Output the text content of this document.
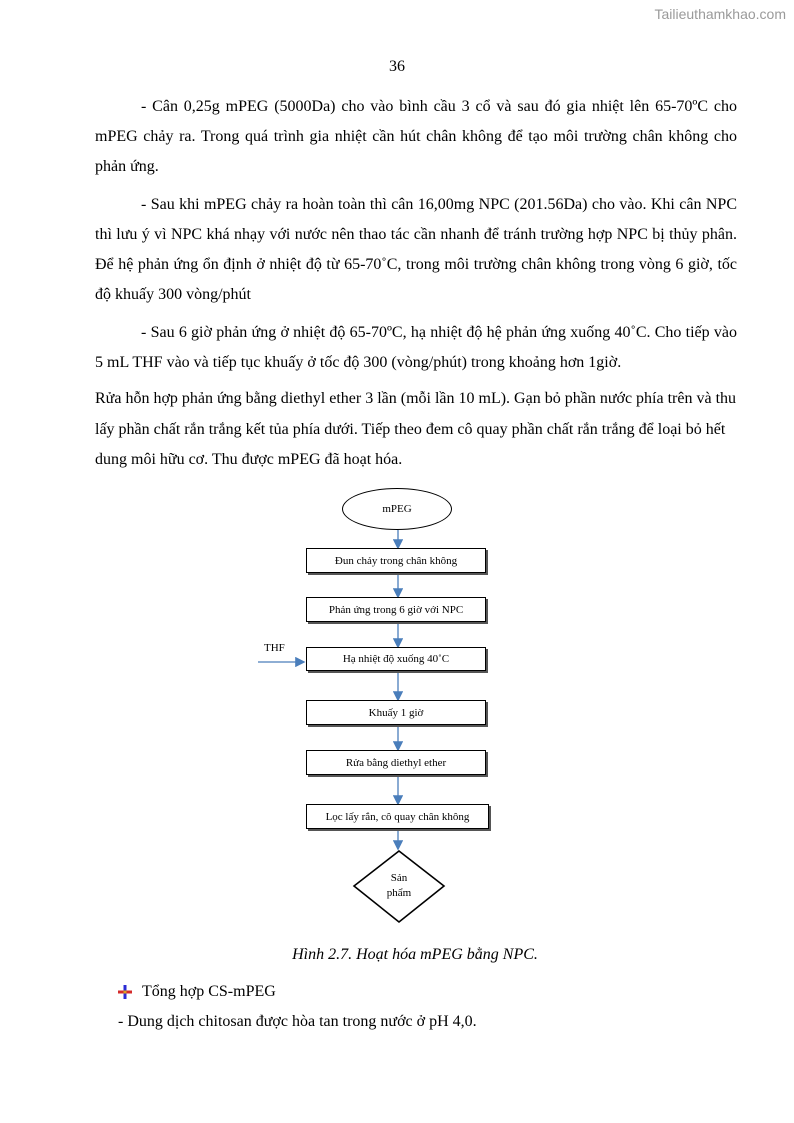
Tailieuthamkhao.com
36

- Cân 0,25g mPEG (5000Da) cho vào bình cầu 3 cổ và sau đó gia nhiệt lên 65-70ºC cho mPEG chảy ra. Trong quá trình gia nhiệt cần hút chân không để tạo môi trường chân không cho phản ứng.

- Sau khi mPEG chảy ra hoàn toàn thì cân 16,00mg NPC (201.56Da) cho vào. Khi cân NPC thì lưu ý vì NPC khá nhạy với nước nên thao tác cần nhanh để tránh trường hợp NPC bị thủy phân. Để hệ phản ứng ổn định ở nhiệt độ từ 65-70˚C, trong môi trường chân không trong vòng 6 giờ, tốc độ khuấy 300 vòng/phút

- Sau 6 giờ phản ứng ở nhiệt độ 65-70ºC, hạ nhiệt độ hệ phản ứng xuống 40˚C. Cho tiếp vào 5 mL THF vào và tiếp tục khuấy ở tốc độ 300 (vòng/phút) trong khoảng hơn 1giờ.

Rửa hỗn hợp phản ứng bằng diethyl ether 3 lần (mỗi lần 10 mL). Gạn bỏ phần nước phía trên và thu lấy phần chất rắn trắng kết tủa phía dưới. Tiếp theo đem cô quay phần chất rắn trắng để loại bỏ hết dung môi hữu cơ. Thu được mPEG đã hoạt hóa.

mPEG
Đun chảy trong chân không
Phản ứng trong 6 giờ với NPC
Hạ nhiệt độ xuống 40˚C
Khuấy 1 giờ
Rửa bằng diethyl ether
Lọc lấy rắn, cô quay chân không
THF
Sản
phẩm
Hình 2.7. Hoạt hóa mPEG bằng NPC.
Tổng hợp CS-mPEG
- Dung dịch chitosan được hòa tan trong nước ở pH 4,0.
